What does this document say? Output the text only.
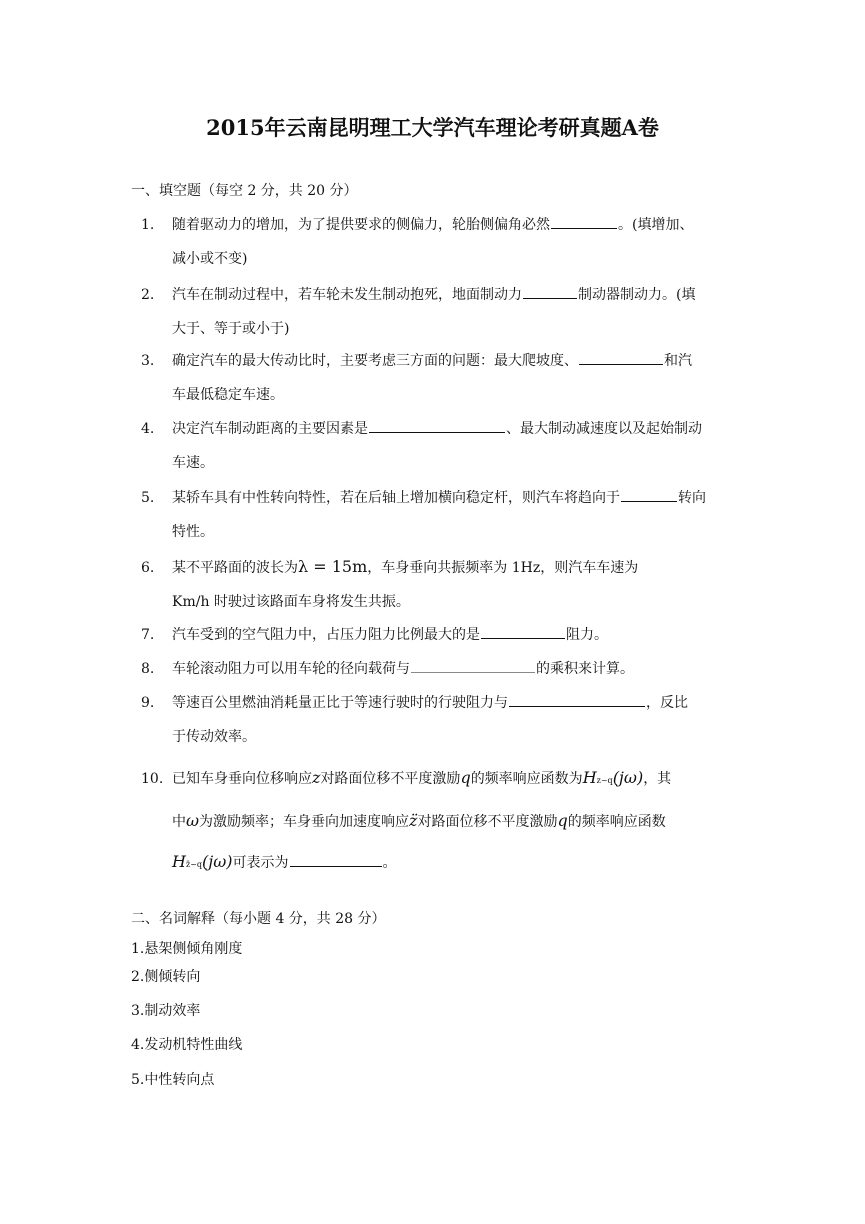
2015年云南昆明理工大学汽车理论考研真题A卷
一、填空题（每空 2 分，共 20 分）
1. 随着驱动力的增加，为了提供要求的侧偏力，轮胎侧偏角必然	。(填增加、
减小或不变)
2. 汽车在制动过程中，若车轮未发生制动抱死，地面制动力	制动器制动力。(填
大于、等于或小于)
3. 确定汽车的最大传动比时，主要考虑三方面的问题：最大爬坡度、	和汽
车最低稳定车速。
4. 决定汽车制动距离的主要因素是	、最大制动减速度以及起始制动
车速。
5. 某轿车具有中性转向特性，若在后轴上增加横向稳定杆，则汽车将趋向于	转向
特性。
6. 某不平路面的波长为λ = 15m，车身垂向共振频率为 1Hz，则汽车车速为
Km/h 时驶过该路面车身将发生共振。
7. 汽车受到的空气阻力中，占压力阻力比例最大的是	阻力。
8. 车轮滚动阻力可以用车轮的径向载荷与	的乘积来计算。
9. 等速百公里燃油消耗量正比于等速行驶时的行驶阻力与	，反比
于传动效率。
10. 已知车身垂向位移响应z对路面位移不平度激励q的频率响应函数为Hz~q(jω)，其
中ω为激励频率；车身垂向加速度响应z̈对路面位移不平度激励q的频率响应函数
Hz̈~q(jω)可表示为	。
二、名词解释（每小题 4 分，共 28 分）
1.悬架侧倾角刚度
2.侧倾转向
3.制动效率
4.发动机特性曲线
5.中性转向点
